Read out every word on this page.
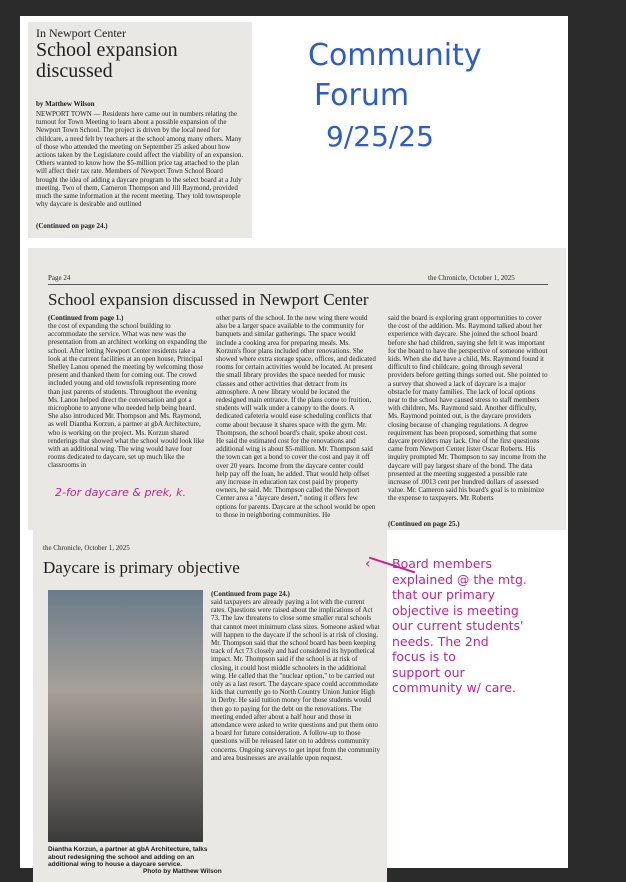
In Newport Center
School expansion discussed
by Matthew Wilson
NEWPORT TOWN — Residents here came out in numbers relating the turnout for Town Meeting to learn about a possible expansion of the Newport Town School. The project is driven by the local need for childcare, a need felt by teachers at the school among many others. Many of those who attended the meeting on September 25 asked about how actions taken by the Legislature could affect the viability of an expansion. Others wanted to know how the $5-million price tag attached to the plan will affect their tax rate. Members of Newport Town School Board brought the idea of adding a daycare program to the select board at a July meeting. Two of them, Cameron Thompson and Jill Raymond, provided much the same information at the recent meeting. They told townspeople why daycare is desirable and outlined
(Continued on page 24.)
Community
Forum
9/25/25
Page 24	the Chronicle, October 1, 2025
School expansion discussed in Newport Center
(Continued from page 1.)
the cost of expanding the school building to accommodate the service. What was new was the presentation from an architect working on expanding the school. After letting Newport Center residents take a look at the current facilities at an open house, Principal Shelley Lanou opened the meeting by welcoming those present and thanked them for coming out. The crowd included young and old townsfolk representing more than just parents of students. Throughout the evening Ms. Lanou helped direct the conversation and got a microphone to anyone who needed help being heard. She also introduced Mr. Thompson and Ms. Raymond, as well Diantha Korzun, a partner at gbA Architecture, who is working on the project. Ms. Korzun shared renderings that showed what the school would look like with an additional wing. The wing would have four rooms dedicated to daycare, set up much like the classrooms in
other parts of the school. In the new wing there would also be a larger space available to the community for banquets and similar gatherings. The space would include a cooking area for preparing meals. Ms. Korzun's floor plans included other renovations. She showed where extra storage space, offices, and dedicated rooms for certain activities would be located. At present the small library provides the space needed for music classes and other activities that detract from its atmosphere. A new library would be located the redesigned main entrance. If the plans come to fruition, students will walk under a canopy to the doors. A dedicated cafeteria would ease scheduling conflicts that come about because it shares space with the gym. Mr. Thompson, the school board's chair, spoke about cost. He said the estimated cost for the renovations and additional wing is about $5-million. Mr. Thompson said the town can get a bond to cover the cost and pay it off over 20 years. Income from the daycare center could help pay off the loan, he added. That would help offset any increase in education tax cost paid by property owners, he said. Mr. Thompson called the Newport Center area a "daycare desert," noting it offers few options for parents. Daycare at the school would be open to those in neighboring communities. He
said the board is exploring grant opportunities to cover the cost of the addition. Ms. Raymond talked about her experience with daycare. She joined the school board before she had children, saying she felt it was important for the board to have the perspective of someone without kids. When she did have a child, Ms. Raymond found it difficult to find childcare, going through several providers before getting things sorted out. She pointed to a survey that showed a lack of daycare is a major obstacle for many families. The lack of local options near to the school have caused stress to staff members with children, Ms. Raymond said. Another difficulty, Ms. Raymond pointed out, is the daycare providers closing because of changing regulations. A degree requirement has been proposed, something that some daycare providers may lack. One of the first questions came from Newport Center lister Oscar Roberts. His inquiry prompted Mr. Thompson to say income from the daycare will pay largest share of the bond. The data presented at the meeting suggested a possible rate increase of .0013 cent per hundred dollars of assessed value. Mr. Cameron said his board's goal is to minimize the expense to taxpayers. Mr. Roberts
(Continued on page 25.)
2-for daycare & prek, k.
the Chronicle, October 1, 2025
Daycare is primary objective
Diantha Korzun, a partner at gbA Architecture, talks about redesigning the school and adding on an additional wing to house a daycare service.
Photo by Matthew Wilson
(Continued from page 24.)
said taxpayers are already paying a lot with the current rates. Questions were raised about the implications of Act 73. The law threatens to close some smaller rural schools that cannot meet minimum class sizes. Someone asked what will happen to the daycare if the school is at risk of closing. Mr. Thompson said that the school board has been keeping track of Act 73 closely and had considered its hypothetical impact. Mr. Thompson said if the school is at risk of closing, it could host middle schoolers in the additional wing. He called that the "nuclear option," to be carried out only as a last resort. The daycare space could accommodate kids that currently go to North Country Union Junior High in Derby. He said tuition money for those students would then go to paying for the debt on the renovations. The meeting ended after about a half hour and those in attendance were asked to write questions and put them onto a board for future consideration. A follow-up to those questions will be released later on to address community concerns. Ongoing surveys to get input from the community and area businesses are available upon request.
‹ Board members
explained @ the mtg.
that our primary
objective is meeting
our current students'
needs. The 2nd
focus is to
support our
community w/ care.
